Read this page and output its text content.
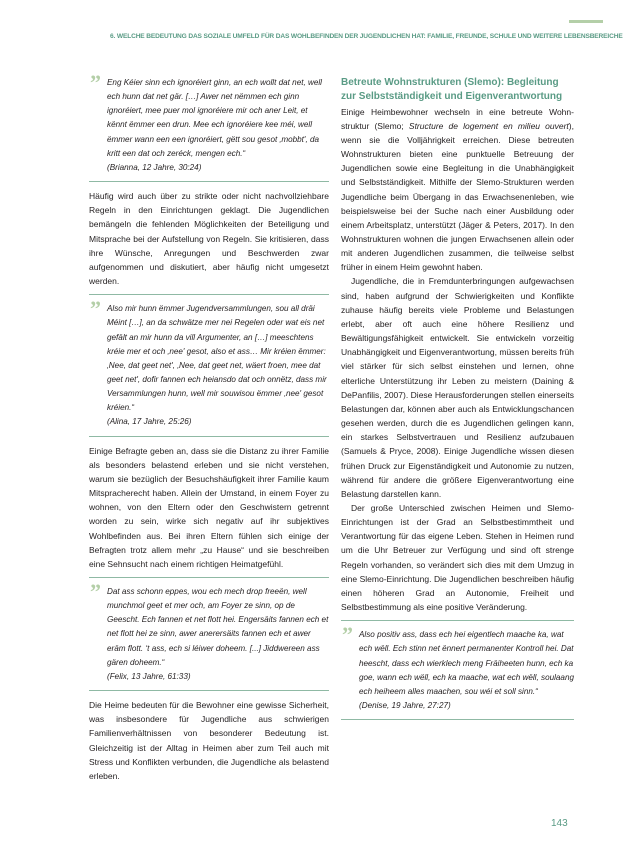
6. WELCHE BEDEUTUNG DAS SOZIALE UMFELD FÜR DAS WOHLBEFINDEN DER JUGENDLICHEN HAT: FAMILIE, FREUNDE, SCHULE UND WEITERE LEBENSBEREICHE
” Eng Kéier sinn ech ignoréiert ginn, an ech wollt dat net, well ech hunn dat net gär. […] Awer net nëmmen ech ginn ignoréiert, mee puer mol ignoréiere mir och aner Leit, et kënnt ëmmer een drun. Mee ech ignoréiere kee méi, well ëmmer wann een een ignoréiert, gëtt sou gesot ‚mobbt', da kritt een dat och zeréck, mengen ech.“

(Brianna, 12 Jahre, 30:24)

Häufig wird auch über zu strikte oder nicht nachvollziehbare Regeln in den Einrichtungen geklagt. Die Jugendlichen bemängeln die fehlenden Möglichkeiten der Beteiligung und Mitsprache bei der Aufstellung von Regeln. Sie kritisieren, dass ihre Wünsche, Anregungen und Beschwerden zwar aufgenommen und diskutiert, aber häufig nicht umgesetzt werden.

” Also mir hunn ëmmer Jugendversammlungen, sou all dräi Méint […], an da schwätze mer nei Regelen oder wat eis net gefält an mir hunn da vill Argumenter, an […] meeschtens kréie mer et och ‚nee' gesot, also et ass… Mir kréien ëmmer: ‚Nee, dat geet net', ‚Nee, dat geet net, wäert froen, mee dat geet net', dofir fannen ech heiansdo dat och onnëtz, dass mir Versammlungen hunn, well mir souwisou ëmmer ‚nee' gesot kréien.“

(Alina, 17 Jahre, 25:26)

Einige Befragte geben an, dass sie die Distanz zu ihrer Familie als besonders belastend erleben und sie nicht verstehen, warum sie bezüglich der Besuchshäufigkeit ihrer Familie kaum Mitspracherecht haben. Allein der Umstand, in einem Foyer zu wohnen, von den Eltern oder den Geschwistern getrennt worden zu sein, wirke sich negativ auf ihr subjektives Wohlbefinden aus. Bei ihren Eltern fühlen sich einige der Befragten trotz allem mehr „zu Hause“ und sie beschreiben eine Sehnsucht nach einem richtigen Heimatgefühl.

” Dat ass schonn eppes, wou ech mech drop freeën, well munchmol geet et mer och, am Foyer ze sinn, op de Geescht. Ech fannen et net flott hei. Engersäits fannen ech et net flott hei ze sinn, awer anerersäits fannen ech et awer eräm flott. ‘t ass, ech si léiwer doheem. [...] Jiddwereen ass gären doheem.“

(Felix, 13 Jahre, 61:33)

Die Heime bedeuten für die Bewohner eine gewisse Sicherheit, was insbesondere für Jugendliche aus schwierigen Familienverhältnissen von besonderer Bedeutung ist. Gleichzeitig ist der Alltag in Heimen aber zum Teil auch mit Stress und Konflikten verbunden, die Jugendliche als belastend erleben.

Betreute Wohnstrukturen (Slemo): Begleitung zur Selbstständigkeit und Eigenverantwortung

Einige Heimbewohner wechseln in eine betreute Wohnstruktur (Slemo; Structure de logement en milieu ouvert), wenn sie die Volljährigkeit erreichen. Diese betreuten Wohnstrukturen bieten eine punktuelle Betreuung der Jugendlichen sowie eine Begleitung in die Unabhängigkeit und Selbstständigkeit. Mithilfe der Slemo-Strukturen werden Jugendliche beim Übergang in das Erwachsenenleben, wie beispielsweise bei der Suche nach einer Ausbildung oder einem Arbeitsplatz, unterstützt (Jäger & Peters, 2017). In den Wohnstrukturen wohnen die jungen Erwachsenen allein oder mit anderen Jugendlichen zusammen, die teilweise selbst früher in einem Heim gewohnt haben.

Jugendliche, die in Fremdunterbringungen aufgewachsen sind, haben aufgrund der Schwierigkeiten und Konflikte zuhause häufig bereits viele Probleme und Belastungen erlebt, aber oft auch eine höhere Resilienz und Bewältigungsfähigkeit entwickelt. Sie entwickeln vorzeitig Unabhängigkeit und Eigenverantwortung, müssen bereits früh viel stärker für sich selbst einstehen und lernen, ohne elterliche Unterstützung ihr Leben zu meistern (Daining & DePanfilis, 2007). Diese Herausforderungen stellen einerseits Belastungen dar, können aber auch als Entwicklungschancen gesehen werden, durch die es Jugendlichen gelingen kann, ein starkes Selbstvertrauen und Resilienz aufzubauen (Samuels & Pryce, 2008). Einige Jugendliche wissen diesen frühen Druck zur Eigenständigkeit und Autonomie zu nutzen, während für andere die größere Eigenverantwortung eine Belastung darstellen kann.

Der große Unterschied zwischen Heimen und Slemo-Einrichtungen ist der Grad an Selbstbestimmtheit und Verantwortung für das eigene Leben. Stehen in Heimen rund um die Uhr Betreuer zur Verfügung und sind oft strenge Regeln vorhanden, so verändert sich dies mit dem Umzug in eine Slemo-Einrichtung. Die Jugendlichen beschreiben häufig einen höheren Grad an Autonomie, Freiheit und Selbstbestimmung als eine positive Veränderung.

” Also positiv ass, dass ech hei eigentlech maache ka, wat ech wëll. Ech stinn net ënnert permanenter Kontroll hei. Dat heescht, dass ech wierklech meng Fräiheeten hunn, ech ka goe, wann ech wëll, ech ka maache, wat ech wëll, soulaang ech heiheem alles maachen, sou wéi et soll sinn.“

(Denise, 19 Jahre, 27:27)

143
